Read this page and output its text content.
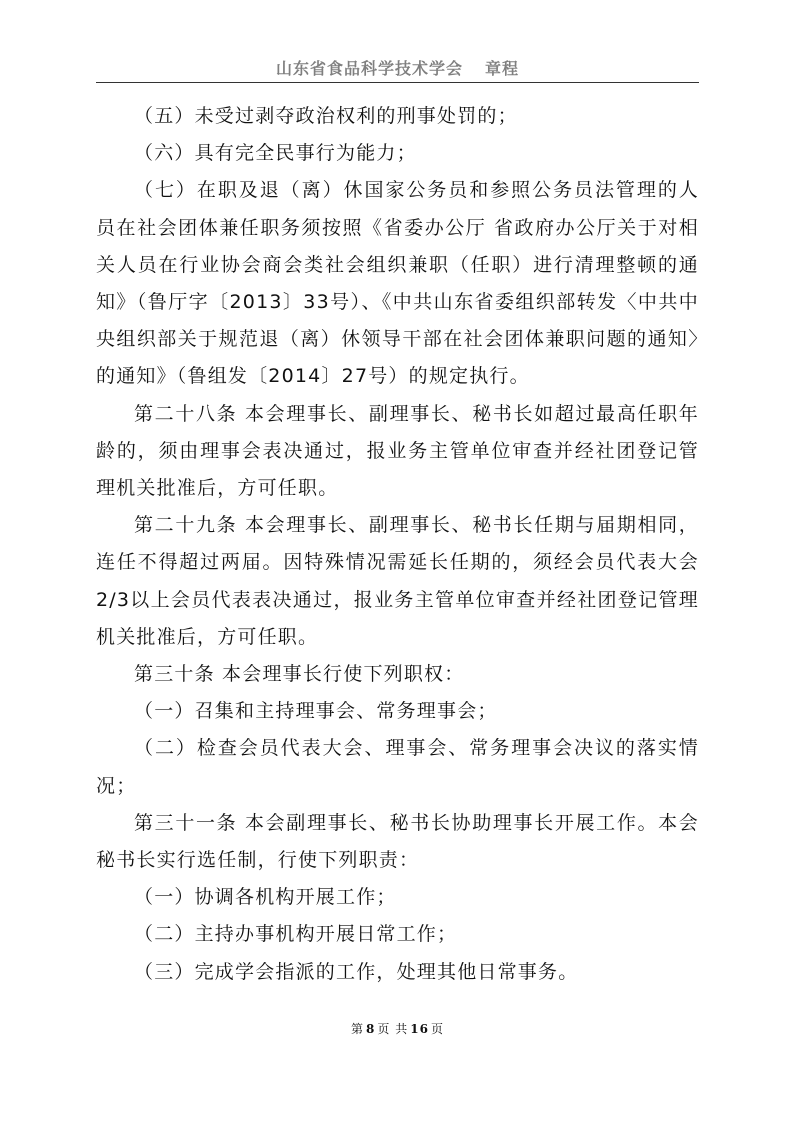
山东省食品科学技术学会 章程

（五）未受过剥夺政治权利的刑事处罚的；

（六）具有完全民事行为能力；

（七）在职及退（离）休国家公务员和参照公务员法管理的人员在社会团体兼任职务须按照《省委办公厅 省政府办公厅关于对相关人员在行业协会商会类社会组织兼职（任职）进行清理整顿的通知》（鲁厅字〔2013〕33号）、《中共山东省委组织部转发〈中共中央组织部关于规范退（离）休领导干部在社会团体兼职问题的通知〉的通知》（鲁组发〔2014〕27号）的规定执行。

第二十八条 本会理事长、副理事长、秘书长如超过最高任职年龄的，须由理事会表决通过，报业务主管单位审查并经社团登记管理机关批准后，方可任职。

第二十九条 本会理事长、副理事长、秘书长任期与届期相同，连任不得超过两届。因特殊情况需延长任期的，须经会员代表大会2/3以上会员代表表决通过，报业务主管单位审查并经社团登记管理机关批准后，方可任职。

第三十条 本会理事长行使下列职权：

（一）召集和主持理事会、常务理事会；

（二）检查会员代表大会、理事会、常务理事会决议的落实情况；

第三十一条 本会副理事长、秘书长协助理事长开展工作。本会秘书长实行选任制，行使下列职责：

（一）协调各机构开展工作；

（二）主持办事机构开展日常工作；

（三）完成学会指派的工作，处理其他日常事务。

第 8 页 共 16 页
